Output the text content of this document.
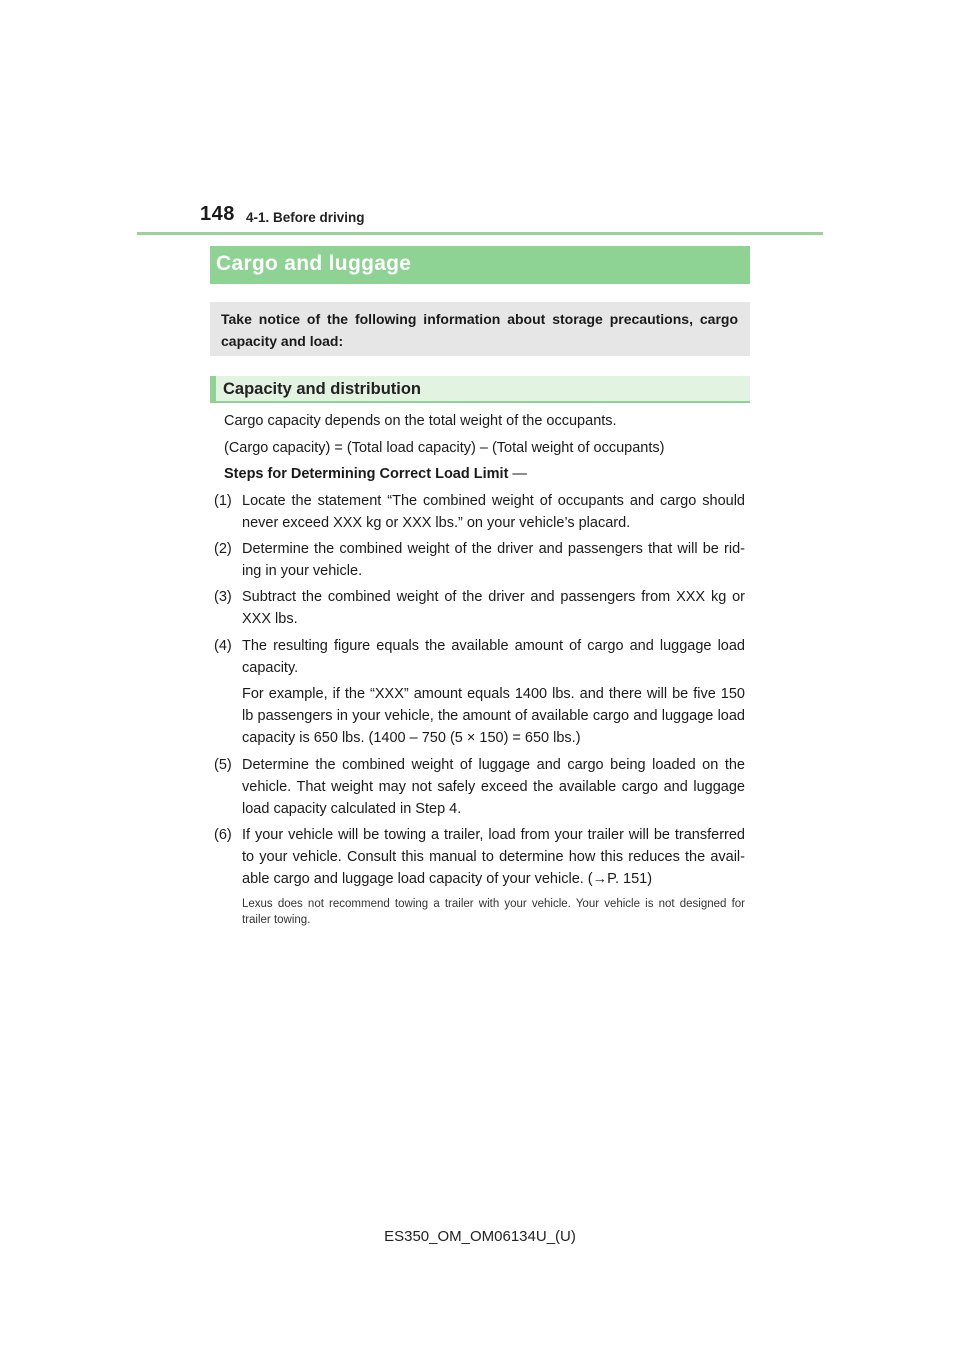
148 4-1. Before driving
Cargo and luggage
Take notice of the following information about storage precautions, cargo capacity and load:
Capacity and distribution
Cargo capacity depends on the total weight of the occupants.
(Cargo capacity) = (Total load capacity) – (Total weight of occupants)
Steps for Determining Correct Load Limit —
(1) Locate the statement “The combined weight of occupants and cargo should never exceed XXX kg or XXX lbs.” on your vehicle’s placard.
(2) Determine the combined weight of the driver and passengers that will be rid-ing in your vehicle.
(3) Subtract the combined weight of the driver and passengers from XXX kg or XXX lbs.
(4) The resulting figure equals the available amount of cargo and luggage load capacity.
For example, if the “XXX” amount equals 1400 lbs. and there will be five 150 lb passengers in your vehicle, the amount of available cargo and luggage load capacity is 650 lbs. (1400 – 750 (5 × 150) = 650 lbs.)
(5) Determine the combined weight of luggage and cargo being loaded on the vehicle. That weight may not safely exceed the available cargo and luggage load capacity calculated in Step 4.
(6) If your vehicle will be towing a trailer, load from your trailer will be transferred to your vehicle. Consult this manual to determine how this reduces the avail-able cargo and luggage load capacity of your vehicle. (→P. 151)
Lexus does not recommend towing a trailer with your vehicle. Your vehicle is not designed for trailer towing.
ES350_OM_OM06134U_(U)
